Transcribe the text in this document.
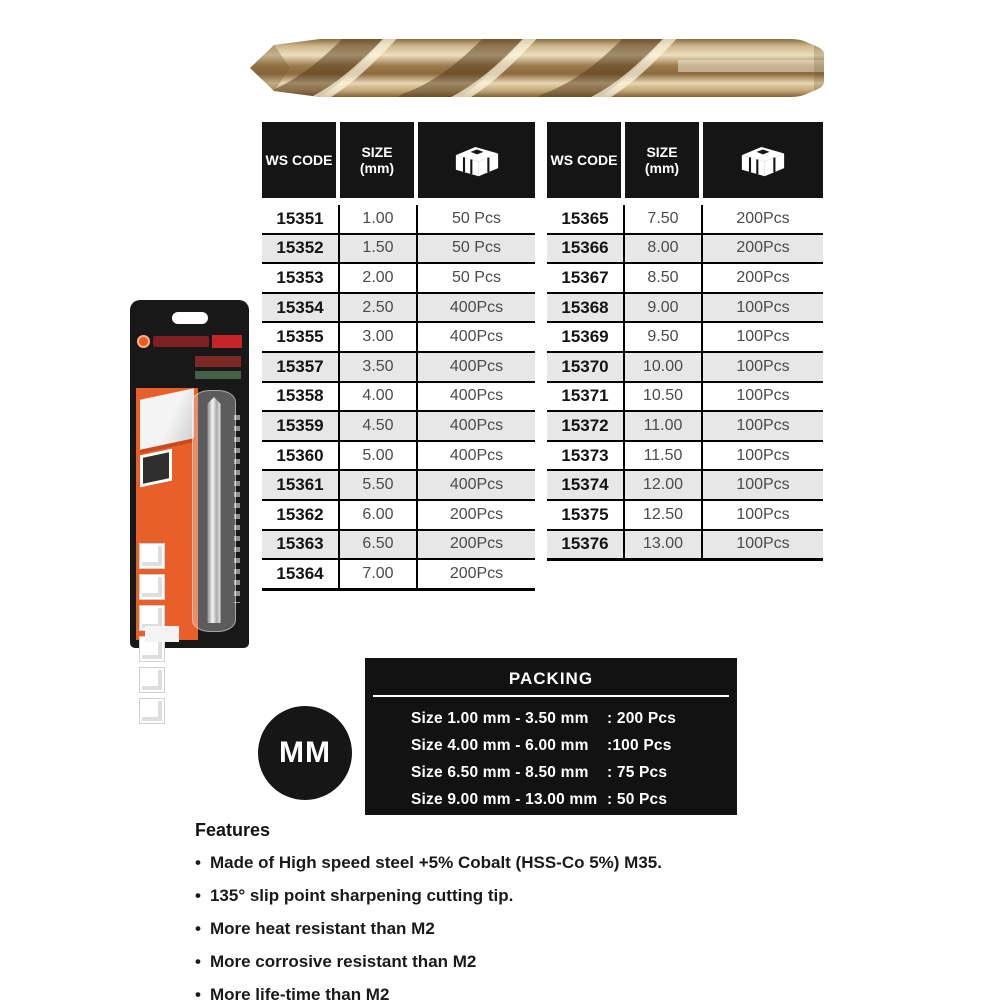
WS CODE SIZE
(mm)
15351	1.00	50 Pcs
15352	1.50	50 Pcs
15353	2.00	50 Pcs
15354	2.50	400Pcs
15355	3.00	400Pcs
15357	3.50	400Pcs
15358	4.00	400Pcs
15359	4.50	400Pcs
15360	5.00	400Pcs
15361	5.50	400Pcs
15362	6.00	200Pcs
15363	6.50	200Pcs
15364	7.00	200Pcs
WS CODE SIZE
(mm)
15365	7.50	200Pcs
15366	8.00	200Pcs
15367	8.50	200Pcs
15368	9.00	100Pcs
15369	9.50	100Pcs
15370	10.00	100Pcs
15371	10.50	100Pcs
15372	11.00	100Pcs
15373	11.50	100Pcs
15374	12.00	100Pcs
15375	12.50	100Pcs
15376	13.00	100Pcs
MM
PACKING
Size 1.00 mm - 3.50 mm	: 200 Pcs
Size 4.00 mm - 6.00 mm	:100 Pcs
Size 6.50 mm - 8.50 mm	: 75 Pcs
Size 9.00 mm - 13.00 mm : 50 Pcs
Features
• Made of High speed steel +5% Cobalt (HSS-Co 5%) M35.
• 135° slip point sharpening cutting tip.
• More heat resistant than M2
• More corrosive resistant than M2
• More life-time than M2
